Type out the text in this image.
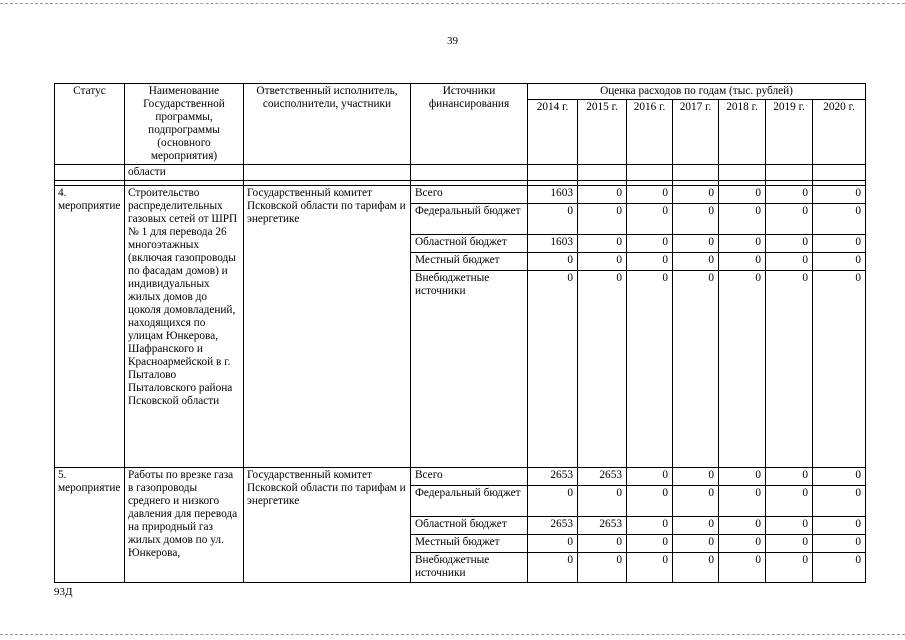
39
Статус	Наименование Государственной программы, подпрограммы (основного мероприятия)	Ответственный исполнитель, соисполнители, участники	Источники финансирования	Оценка расходов по годам (тыс. рублей)						
				2014 г.	2015 г.	2016 г.	2017 г.	2018 г.	2019 г.	2020 г.
	области									

4. мероприятие	Строительство распределительных газовых сетей от ШРП № 1 для перевода 26 многоэтажных (включая газопроводы по фасадам домов) и индивидуальных жилых домов до цоколя домовладений, находящихся по улицам Юнкерова, Шафранского и Красноармейской в г. Пыталово Пыталовского района Псковской области	Государственный комитет Псковской области по тарифам и энергетике	Всего	1603	0	0	0	0	0	0
			Федеральный бюджет	0	0	0	0	0	0	0
			Областной бюджет	1603	0	0	0	0	0	0
			Местный бюджет	0	0	0	0	0	0	0
			Внебюджетные источники	0	0	0	0	0	0	0
5. мероприятие	Работы по врезке газа в газопроводы среднего и низкого давления для перевода на природный газ жилых домов по ул. Юнкерова,	Государственный комитет Псковской области по тарифам и энергетике	Всего	2653	2653	0	0	0	0	0
			Федеральный бюджет	0	0	0	0	0	0	0
			Областной бюджет	2653	2653	0	0	0	0	0
			Местный бюджет	0	0	0	0	0	0	0
			Внебюджетные источники	0	0	0	0	0	0	0
93Д
